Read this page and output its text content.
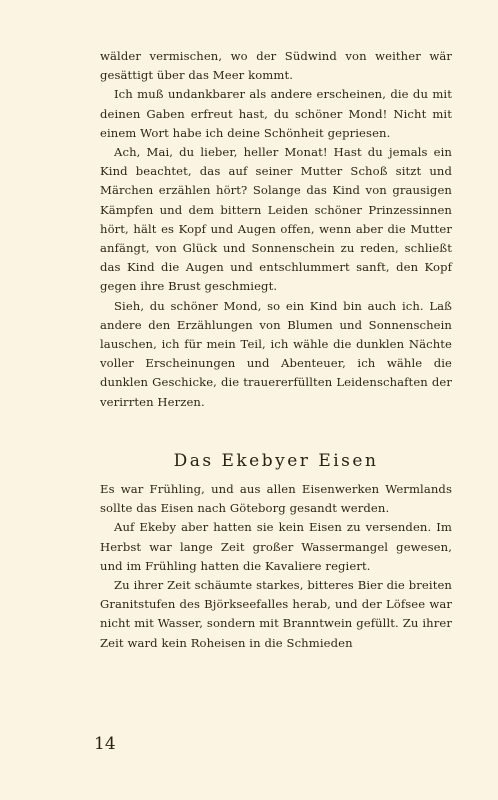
wälder vermischen, wo der Südwind von weither wär gesättigt über das Meer kommt.

Ich muß undankbarer als andere erscheinen, die du mit deinen Gaben erfreut hast, du schöner Mond! Nicht mit einem Wort habe ich deine Schönheit gepriesen.

Ach, Mai, du lieber, heller Monat! Hast du jemals ein Kind beachtet, das auf seiner Mutter Schoß sitzt und Märchen erzählen hört? Solange das Kind von grausigen Kämpfen und dem bittern Leiden schöner Prinzessinnen hört, hält es Kopf und Augen offen, wenn aber die Mutter anfängt, von Glück und Sonnenschein zu reden, schließt das Kind die Augen und entschlummert sanft, den Kopf gegen ihre Brust geschmiegt.

Sieh, du schöner Mond, so ein Kind bin auch ich. Laß andere den Erzählungen von Blumen und Sonnenschein lauschen, ich für mein Teil, ich wähle die dunklen Nächte voller Erscheinungen und Abenteuer, ich wähle die dunklen Geschicke, die trauererfüllten Leidenschaften der verirrten Herzen.

Das Ekebyer Eisen

Es war Frühling, und aus allen Eisenwerken Wermlands sollte das Eisen nach Göteborg gesandt werden.

Auf Ekeby aber hatten sie kein Eisen zu versenden. Im Herbst war lange Zeit großer Wassermangel gewesen, und im Frühling hatten die Kavaliere regiert.

Zu ihrer Zeit schäumte starkes, bitteres Bier die breiten Granitstufen des Björkseefalles herab, und der Löfsee war nicht mit Wasser, sondern mit Branntwein gefüllt. Zu ihrer Zeit ward kein Roheisen in die Schmieden

14
